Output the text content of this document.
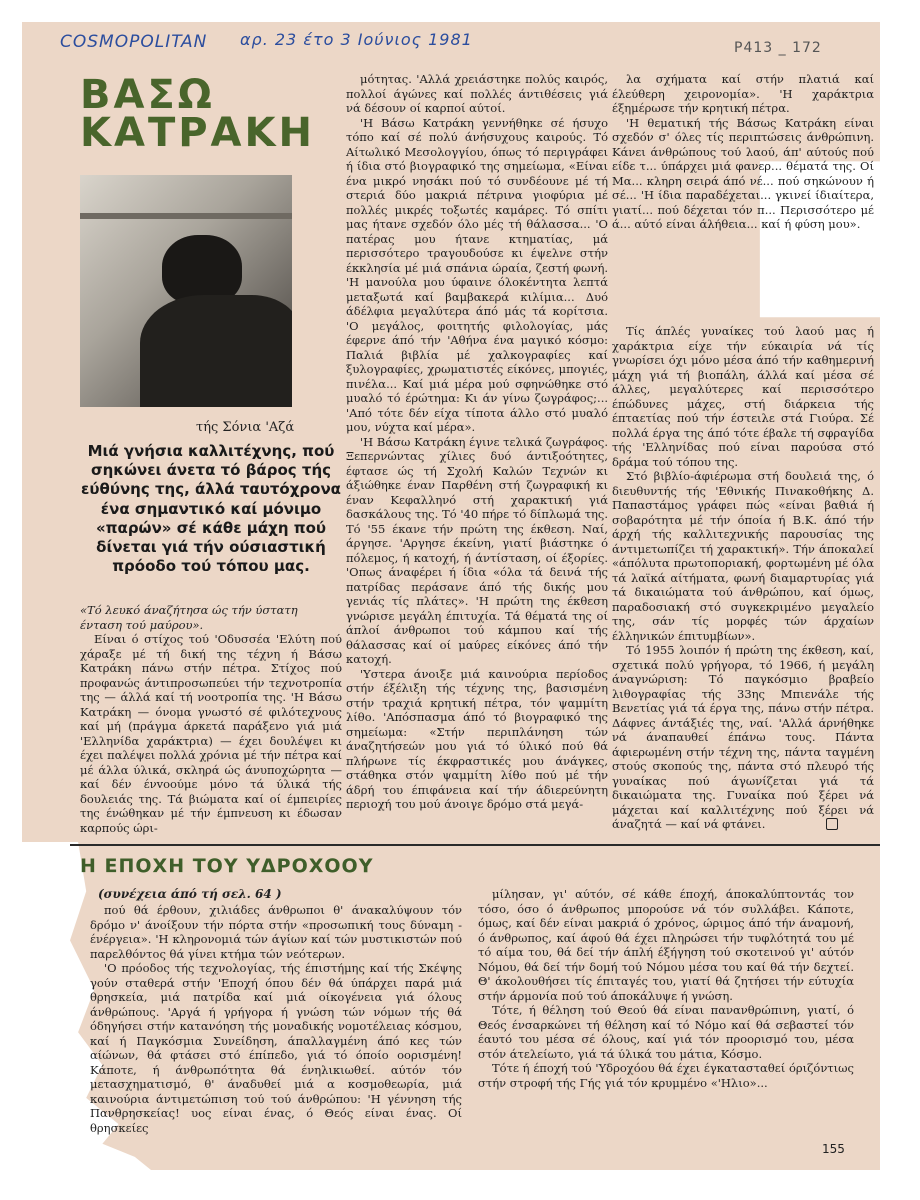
COSMOPOLITAN αρ. 23 έτο 3 Ιούνιος 1981	Ρ413 _ 172
ΒΑΣΩ
ΚΑΤΡΑΚΗ
τής Σόνια 'Αζά
Μιά γνήσια καλλιτέχνης, πού σηκώνει άνετα τό βάρος τής εύθύνης της, άλλά ταυτόχρονα ένα σημαντικό καί μόνιμο «παρών» σέ κάθε μάχη πού δίνεται γιά τήν ούσιαστική πρόοδο τού τόπου μας.
«Τό λευκό άναζήτησα ώς τήν ύστατη ένταση τού μαύρου».

Είναι ό στίχος τού 'Οδυσσέα 'Ελύτη πού χάραξε μέ τή δική της τέχνη ή Βάσω Κατράκη πάνω στήν πέτρα. Στίχος πού προφανώς άντιπροσωπεύει τήν τεχνοτροπία της — άλλά καί τή νοοτροπία της. 'Η Βάσω Κατράκη — όνομα γνωστό σέ φιλότεχνους καί μή (πράγμα άρκετά παράξενο γιά μιά 'Ελληνίδα χαράκτρια) — έχει δουλέψει κι έχει παλέψει πολλά χρόνια μέ τήν πέτρα καί μέ άλλα ύλικά, σκληρά ώς άνυποχώρητα — καί δέν ένvοούμε μόνο τά ύλικά τής δουλειάς της. Τά βιώματα καί οί έμπειρίες της ένώθηκαν μέ τήν έμπνευση κι έδωσαν καρπούς ώρι-

μότητας. 'Αλλά χρειάστηκε πολύς καιρός, πολλοί άγώνες καί πολλές άντιθέσεις γιά νά δέσουν οί καρποί αύτοί.

'Η Βάσω Κατράκη γεννήθηκε σέ ήσυχο τόπο καί σέ πολύ άνήσυχους καιρούς. Τό Αίτωλικό Μεσολογγίου, όπως τό περιγράφει ή ίδια στό βιογραφικό της σημείωμα, «Είναι ένα μικρό νησάκι πού τό συνδέουνε μέ τή στεριά δύο μακριά πέτρινα γιοφύρια μέ πολλές μικρές τοξωτές καμάρες. Τό σπίτι μας ήτανε σχεδόν όλο μές τή θάλασσα... 'Ο πατέρας μου ήτανε κτηματίας, μά περισσότερο τραγουδούσε κι έψελνε στήν έκκλησία μέ μιά σπάνια ώραία, ζεστή φωνή. 'Η μανούλα μου ύφαινε όλοκέντητα λεπτά μεταξωτά καί βαμβακερά κιλίμια... Δυό άδέλφια μεγαλύτερα άπό μάς τά κορίτσια. 'Ο μεγάλος, φοιτητής φιλολογίας, μάς έφερνε άπό τήν 'Αθήνα ένα μαγικό κόσμο: Παλιά βιβλία μέ χαλκογραφίες καί ξυλογραφίες, χρωματιστές είκόνες, μπογιές, πινέλα... Καί μιά μέρα μού σφηνώθηκε στό μυαλό τό έρώτημα: Κι άν γίνω ζωγράφος;... 'Από τότε δέν είχα τίποτα άλλο στό μυαλό μου, νύχτα καί μέρα».

'Η Βάσω Κατράκη έγινε τελικά ζωγράφος. Ξεπερνώντας χίλιες δυό άντιξοότητες, έφτασε ώς τή Σχολή Καλών Τεχνών κι άξιώθηκε έναν Παρθένη στή ζωγραφική κι έναν Κεφαλληνό στή χαρακτική γιά δασκάλους της. Τό '40 πήρε τό δίπλωμά της. Τό '55 έκανε τήν πρώτη της έκθεση. Ναί, άργησε. 'Αργησε έκείνη, γιατί βιάστηκε ό πόλεμος, ή κατοχή, ή άντίσταση, οί έξορίες. 'Οπως άναφέρει ή ίδια «όλα τά δεινά τής πατρίδας περάσανε άπό τής δικής μου γενιάς τίς πλάτες». 'Η πρώτη της έκθεση γνώρισε μεγάλη έπιτυχία. Τά θέματά της οί άπλοί άνθρωποι τού κάμπου καί τής θάλασσας καί οί μαύρες είκόνες άπό τήν κατοχή.

'Υστερα άνοιξε μιά καινούρια περίοδος στήν έξέλιξη τής τέχνης της, βασισμένη στήν τραχιά κρητική πέτρα, τόν ψαμμίτη λίθο. 'Απόσπασμα άπό τό βιογραφικό της σημείωμα: «Στήν περιπλάνηση τών άναζητήσεών μου γιά τό ύλικό πού θά πλήρωνε τίς έκφραστικές μου άνάγκες, στάθηκα στόν ψαμμίτη λίθο πού μέ τήν άδρή του έπιφάνεια καί τήν άδιερεύνητη περιοχή του μού άνοιγε δρόμο στά μεγά-

λα σχήματα καί στήν πλατιά καί έλεύθερη χειρονομία». 'Η χαράκτρια έξημέρωσε τήν κρητική πέτρα.

'Η θεματική τής Βάσως Κατράκη είναι σχεδόν σ' όλες τίς περιπτώσεις άνθρώπινη. Κάνει άνθρώπους τού λαού, άπ' αύτούς πού είδε τ... ύπάρχει μιά φανερ... θέματά της. Οί Μα... κληρη σειρά άπό νέ... πού σηκώνουν ή σέ... 'Η ίδια παραδέχεται... γκινεί ίδιαίτερα, γιατί... πού δέχεται τόν π... Περισσότερο μέ ά... αύτό είναι άλήθεια... καί ή φύση μου».

Τίς άπλές γυναίκες τού λαού μας ή χαράκτρια είχε τήν εύκαιρία νά τίς γνωρίσει όχι μόνο μέσα άπό τήν καθημερινή μάχη γιά τή βιοπάλη, άλλά καί μέσα σέ άλλες, μεγαλύτερες καί περισσότερο έπώδυνες μάχες, στή διάρκεια τής έπταετίας πού τήν έστειλε στά Γιούρα. Σέ πολλά έργα της άπό τότε έβαλε τή σφραγίδα τής 'Ελληνίδας πού είναι παρούσα στό δράμα τού τόπου της.

Στό βιβλίο-άφιέρωμα στή δουλειά της, ό διευθυντής τής 'Εθνικής Πινακοθήκης Δ. Παπαστάμος γράφει πώς «είναι βαθιά ή σοβαρότητα μέ τήν όποία ή Β.Κ. άπό τήν άρχή τής καλλιτεχνικής παρουσίας της άντιμετωπίζει τή χαρακτική». Τήν άποκαλεί «άπόλυτα πρωτοποριακή, φορτωμένη μέ όλα τά λαϊκά αίτήματα, φωνή διαμαρτυρίας γιά τά δικαιώματα τού άνθρώπου, καί όμως, παραδοσιακή στό συγκεκριμένο μεγαλείο της, σάν τίς μορφές τών άρχαίων έλληνικών έπιτυμβίων».

Τό 1955 λοιπόν ή πρώτη της έκθεση, καί, σχετικά πολύ γρήγορα, τό 1966, ή μεγάλη άναγνώριση: Τό παγκόσμιο βραβείο λιθογραφίας τής 33ης Μπιενάλε τής Βενετίας γιά τά έργα της, πάνω στήν πέτρα. Δάφνες άντάξιές της, ναί. 'Αλλά άρνήθηκε νά άναπαυθεί έπάνω τους. Πάντα άφιερωμένη στήν τέχνη της, πάντα ταγμένη στούς σκοπούς της, πάντα στό πλευρό τής γυναίκας πού άγωνίζεται γιά τά δικαιώματα της. Γυναίκα πού ξέρει νά μάχεται καί καλλιτέχνης πού ξέρει νά άναζητά — καί νά φτάνει.

Η ΕΠΟΧΗ ΤΟΥ ΥΔΡΟΧΟΟΥ
(συνέχεια άπό τή σελ. 64 )

πού θά έρθουν, χιλιάδες άνθρωποι θ' άνακαλύψουν τόν δρόμο ν' άνοίξουν τήν πόρτα στήν «προσωπική τους δύναμη - ένέργεια». 'Η κληρονομιά τών άγίων καί τών μυστικιστών πού παρελθόντος θά γίνει κτήμα τών νεότερων.

'Ο πρόοδος τής τεχνολογίας, τής έπιστήμης καί τής Σκέψης γούν σταθερά στήν 'Εποχή όπου δέν θά ύπάρχει παρά μιά θρησκεία, μιά πατρίδα καί μιά οίκογένεια γιά όλους άνθρώπους. 'Αργά ή γρήγορα ή γνώση τών νόμων τής θά όδηγήσει στήν κατανόηση τής μοναδικής νομοτέλειας κόσμου, καί ή Παγκόσμια Συνείδηση, άπαλλαγμένη άπό κες τών αίώνων, θά φτάσει στό έπίπεδο, γιά τό όποίο οορισμένη! Κάποτε, ή άνθρωπότητα θά ένηλικιωθεί. αύτόν τόν μετασχηματισμό, θ' άναδυθεί μιά α κοσμοθεωρία, μιά καινούρια άντιμετώπιση τού τού άνθρώπου: 'Η γέννηση τής Πανθρησκείας! υος είναι ένας, ό Θεός είναι ένας. Οί θρησκείες

μίλησαν, γι' αύτόν, σέ κάθε έποχή, άποκαλύπτοντάς τον τόσο, όσο ό άνθρωπος μπορούσε νά τόν συλλάβει. Κάποτε, όμως, καί δέν είναι μακριά ό χρόνος, ώριμος άπό τήν άναμονή, ό άνθρωπος, καί άφού θά έχει πληρώσει τήν τυφλότητά του μέ τό αίμα του, θά δεί τήν άπλή έξήγηση τού σκοτεινού γι' αύτόν Νόμου, θά δεί τήν δομή τού Νόμου μέσα του καί θά τήν δεχτεί. Θ' άκολουθήσει τίς έπιταγές του, γιατί θά ζητήσει τήν εύτυχία στήν άρμονία πού τού άποκάλυψε ή γνώση.

Τότε, ή θέληση τού Θεού θά είναι πανανθρώπινη, γιατί, ό Θεός ένσαρκώνει τή θέληση καί τό Νόμο καί θά σεβαστεί τόν έαυτό του μέσα σέ όλους, καί γιά τόν προορισμό του, μέσα στόν άτελείωτο, γιά τά ύλικά του μάτια, Κόσμο.

Τότε ή έποχή τού 'Υδροχόου θά έχει έγκατασταθεί όριζόντιως στήν στροφή τής Γής γιά τόν κρυμμένο «'Ηλιο»...

155
